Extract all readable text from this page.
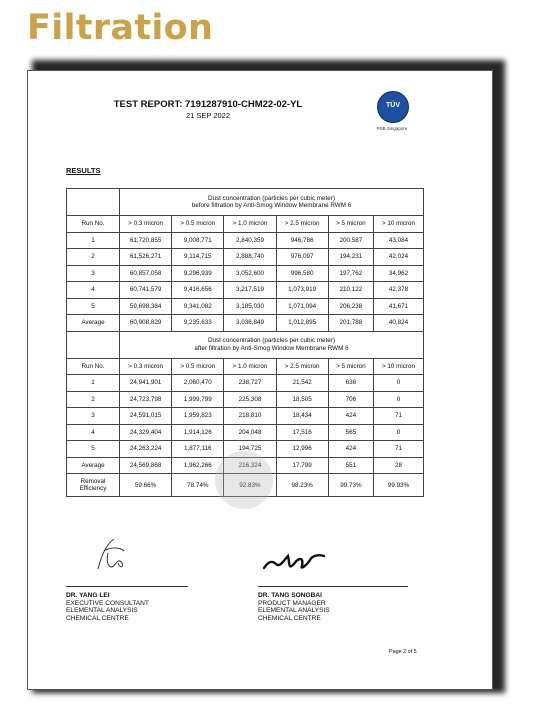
Filtration
TEST REPORT: 7191287910-CHM22-02-YL
21 SEP 2022
TÜV
PSB Singapore
RESULTS

	Dust concentration (particles per cubic meter)
before filtration by Anti-Smog Window Membrane RWM 6					

Run No.	> 0.3 micron	> 0.5 micron	> 1.0 micron	> 2.5 micron	> 5 micron	> 10 micron
1	61,720,855	9,008,771	2,840,359	946,786	200,587	43,084
2	61,526,271	9,114,715	2,888,740	976,097	194,231	42,024
3	60,857,058	9,296,939	3,052,600	996,580	197,762	34,962
4	60,741,579	9,416,656	3,217,519	1,073,919	210,122	42,378
5	59,698,384	9,341,082	3,185,030	1,071,094	206,238	41,671
Average	60,908,829	9,235,633	3,036,849	1,012,895	201,788	40,824

	Dust concentration (particles per cubic meter)
after filtration by Anti-Smog Window Membrane RWM 6					

Run No.	> 0.3 micron	> 0.5 micron	> 1.0 micron	> 2.5 micron	> 5 micron	> 10 micron
1	24,941,901	2,060,470	238,727	21,542	636	0
2	24,723,798	1,999,799	225,308	18,505	706	0
3	24,591,015	1,959,823	218,810	18,434	424	71
4	24,329,404	1,914,126	204,048	17,516	565	0
5	24,263,224	1,877,116	194,725	12,996	424	71
Average	24,569,868	1,962,266	216,324	17,799	551	28
Removal Efficiency	59.66%	78.74%	92.83%	98.23%	99.73%	99.93%
DR. YANG LEI
EXECUTIVE CONSULTANT
ELEMENTAL ANALYSIS
CHEMICAL CENTRE
DR. TANG SONGBAI
PRODUCT MANAGER
ELEMENTAL ANALYSIS
CHEMICAL CENTRE
Page 2 of 5
